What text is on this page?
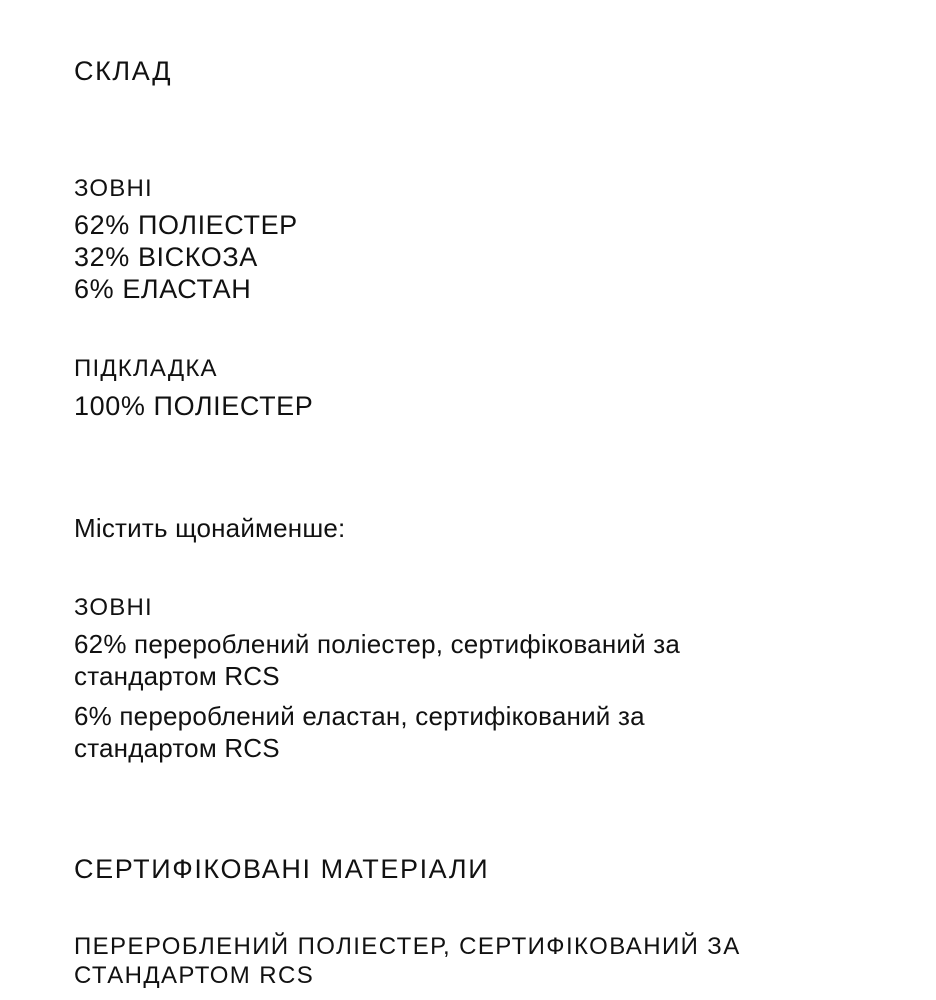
СКЛАД
ЗОВНІ
62% ПОЛІЕСТЕР
32% ВІСКОЗА
6% ЕЛАСТАН
ПІДКЛАДКА
100% ПОЛІЕСТЕР
Містить щонайменше:
ЗОВНІ
62% перероблений поліестер, сертифікований за
стандартом RCS
6% перероблений еластан, сертифікований за
стандартом RCS
СЕРТИФІКОВАНІ МАТЕРІАЛИ
ПЕРЕРОБЛЕНИЙ ПОЛІЕСТЕР, СЕРТИФІКОВАНИЙ ЗА
СТАНДАРТОМ RCS
